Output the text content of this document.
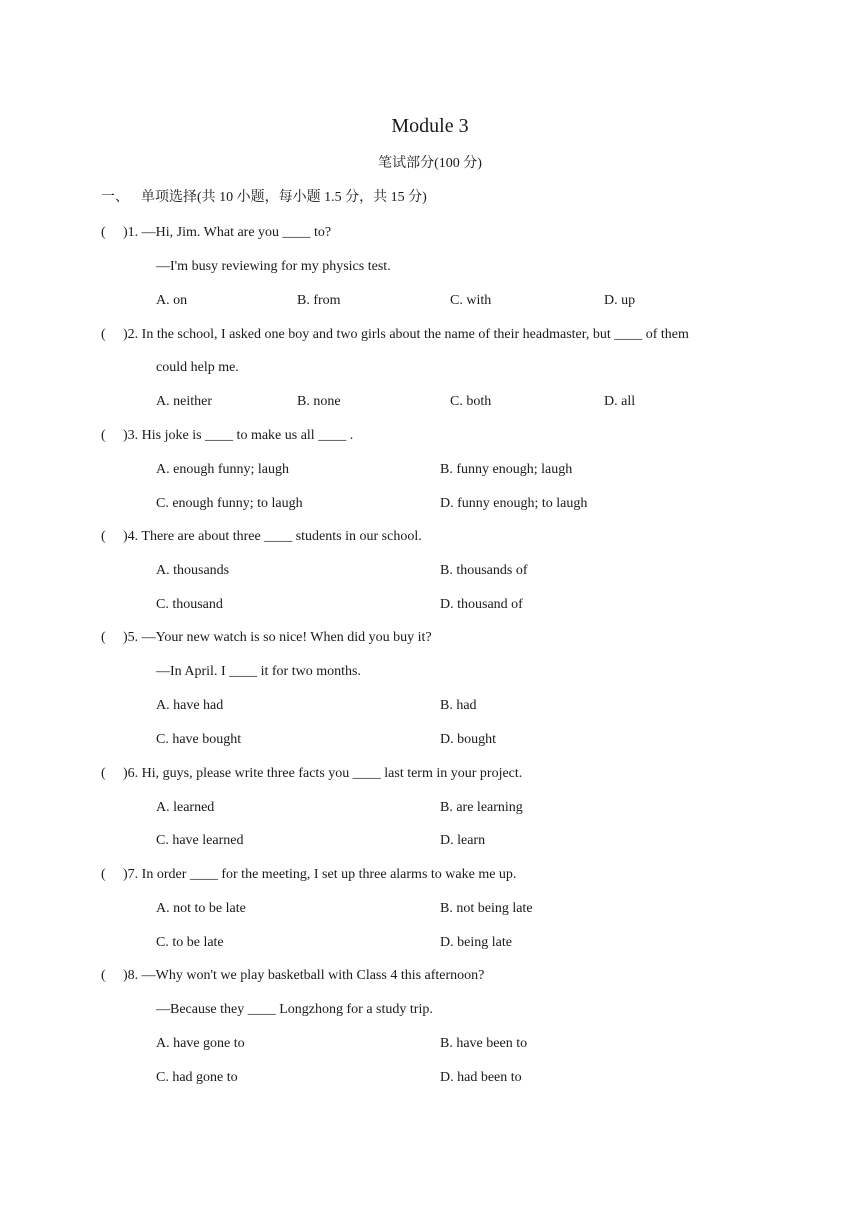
Module 3
笔试部分(100 分)
一、 单项选择(共 10 小题，每小题 1.5 分，共 15 分)
( )1. —Hi, Jim. What are you ____ to?
—I'm busy reviewing for my physics test.
A. on	B. from	C. with	D. up
( )2. In the school, I asked one boy and two girls about the name of their headmaster, but ____ of them
could help me.
A. neither	B. none	C. both	D. all
( )3. His joke is ____ to make us all ____ .
A. enough funny; laugh	B. funny enough; laugh
C. enough funny; to laugh	D. funny enough; to laugh
( )4. There are about three ____ students in our school.
A. thousands	B. thousands of
C. thousand	D. thousand of
( )5. —Your new watch is so nice! When did you buy it?
—In April. I ____ it for two months.
A. have had	B. had
C. have bought	D. bought
( )6. Hi, guys, please write three facts you ____ last term in your project.
A. learned	B. are learning
C. have learned	D. learn
( )7. In order ____ for the meeting, I set up three alarms to wake me up.
A. not to be late	B. not being late
C. to be late	D. being late
( )8. —Why won't we play basketball with Class 4 this afternoon?
—Because they ____ Longzhong for a study trip.
A. have gone to	B. have been to
C. had gone to	D. had been to
